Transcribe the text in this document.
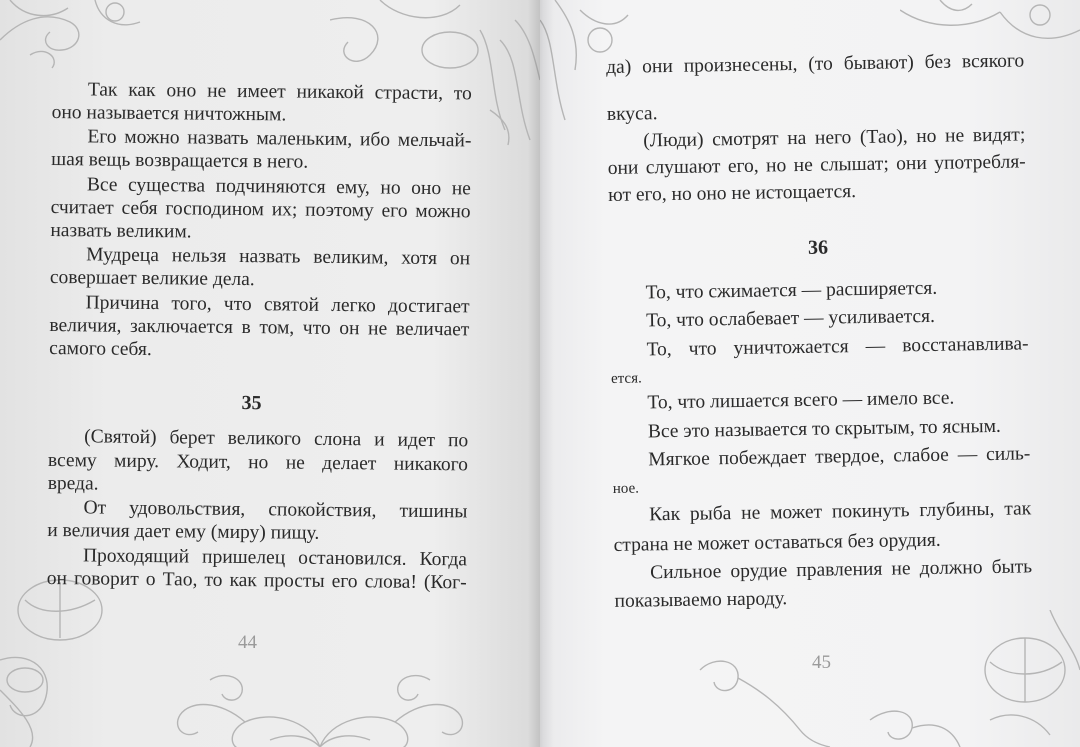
Так как оно не имеет никакой страсти, то
оно называется ничтожным.
Его можно назвать маленьким, ибо мельчай-
шая вещь возвращается в него.
Все существа подчиняются ему, но оно не
считает себя господином их; поэтому его можно
назвать великим.
Мудреца нельзя назвать великим, хотя он
совершает великие дела.
Причина того, что святой легко достигает
величия, заключается в том, что он не величает
самого себя.
35
(Святой) берет великого слона и идет по
всему миру. Ходит, но не делает никакого
вреда.
От удовольствия, спокойствия, тишины
и величия дает ему (миру) пищу.
Проходящий пришелец остановился. Когда
он говорит о Тао, то как просты его слова! (Ког-
44
да) они произнесены, (то бывают) без всякого
вкуса.
(Люди) смотрят на него (Тао), но не видят;
они слушают его, но не слышат; они употребля-
ют его, но оно не истощается.
36
То, что сжимается — расширяется.
То, что ослабевает — усиливается.
То, что уничтожается — восстанавлива-
ется.
То, что лишается всего — имело все.
Все это называется то скрытым, то ясным.
Мягкое побеждает твердое, слабое — силь-
ное.
Как рыба не может покинуть глубины, так
страна не может оставаться без орудия.
Сильное орудие правления не должно быть
показываемо народу.
45
